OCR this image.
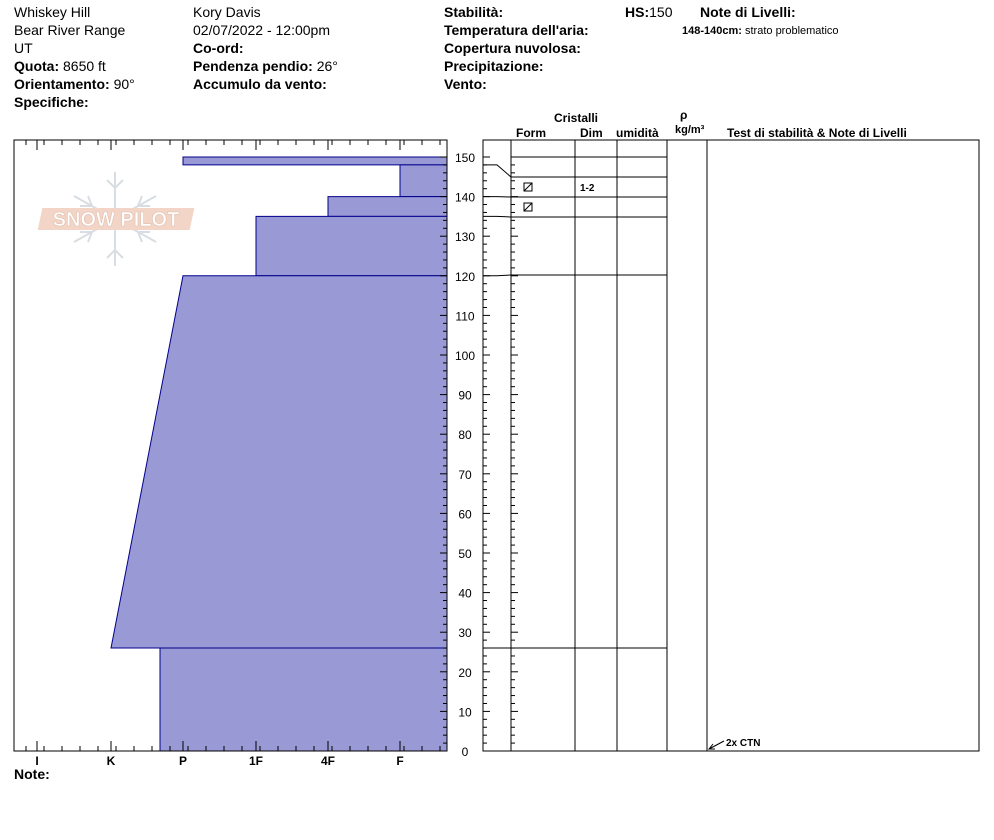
Whiskey Hill
Bear River Range
UT
Quota: 8650 ft
Orientamento: 90°
Specifiche:
Kory Davis
02/07/2022 - 12:00pm
Co-ord:
Pendenza pendio: 26°
Accumulo da vento:
Stabilità:
Temperatura dell'aria:
Copertura nuvolosa:
Precipitazione:
Vento:
HS:150 Note di Livelli:
148-140cm: strato problematico
Cristalli
Form	Dim umidità
ρ
kg/m³ Test di stabilità & Note di Livelli
Note:
SNOW PILOT
0
10
20
30
40
50
60
70
80
90
100
110
120
130
140
150
I	K	P	1F	4F	F
1-2
2x CTN
